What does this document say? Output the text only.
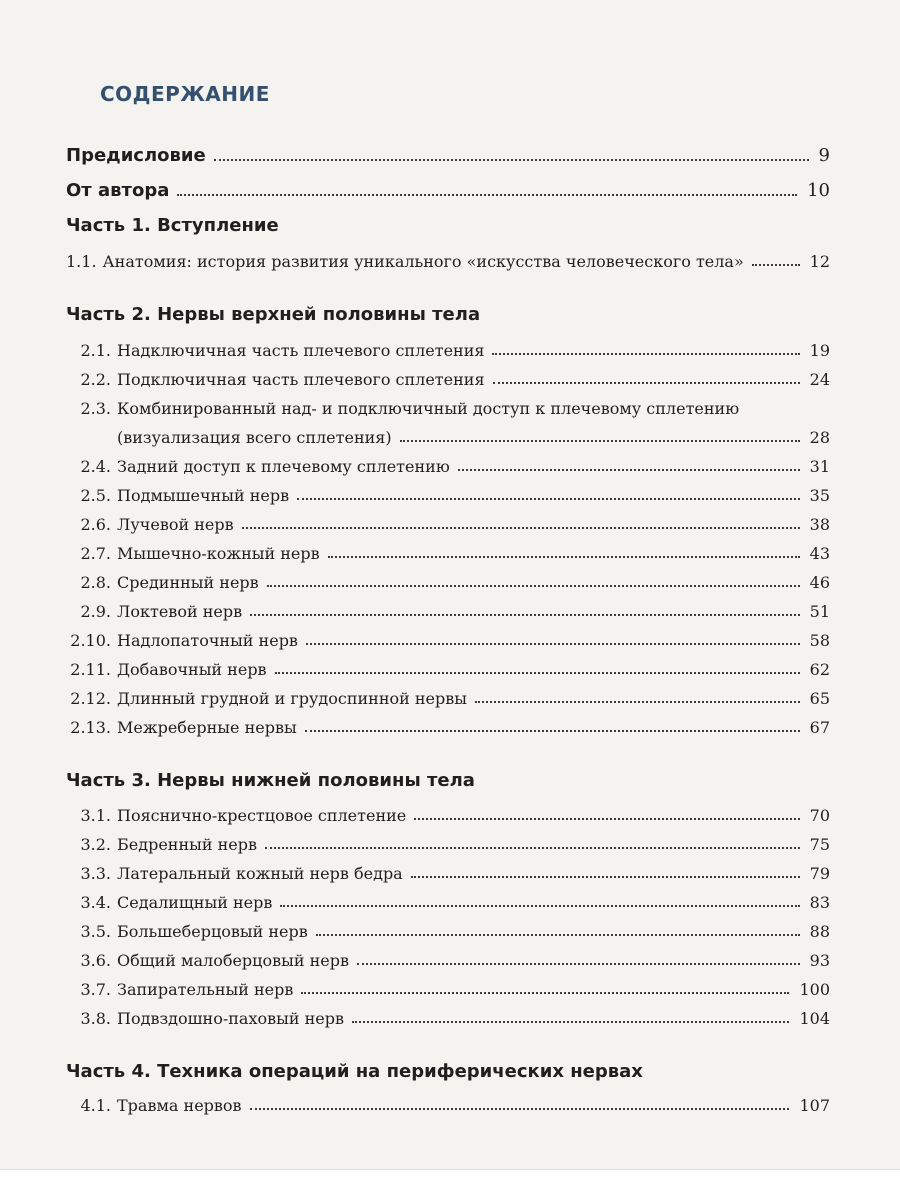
СОДЕРЖАНИЕ
Предисловие	9
От автора	10
Часть 1. Вступление
1.1. Анатомия: история развития уникального «искусства человеческого тела»	12
Часть 2. Нервы верхней половины тела
2.1. Надключичная часть плечевого сплетения	19
2.2. Подключичная часть плечевого сплетения	24
2.3. Комбинированный над- и подключичный доступ к плечевому сплетению
(визуализация всего сплетения)	28
2.4. Задний доступ к плечевому сплетению	31
2.5. Подмышечный нерв	35
2.6. Лучевой нерв	38
2.7. Мышечно-кожный нерв	43
2.8. Срединный нерв	46
2.9. Локтевой нерв	51
2.10. Надлопаточный нерв	58
2.11. Добавочный нерв	62
2.12. Длинный грудной и грудоспинной нервы	65
2.13. Межреберные нервы	67
Часть 3. Нервы нижней половины тела
3.1. Пояснично-крестцовое сплетение	70
3.2. Бедренный нерв	75
3.3. Латеральный кожный нерв бедра	79
3.4. Седалищный нерв	83
3.5. Большеберцовый нерв	88
3.6. Общий малоберцовый нерв	93
3.7. Запирательный нерв	100
3.8. Подвздошно-паховый нерв	104
Часть 4. Техника операций на периферических нервах
4.1. Травма нервов	107
